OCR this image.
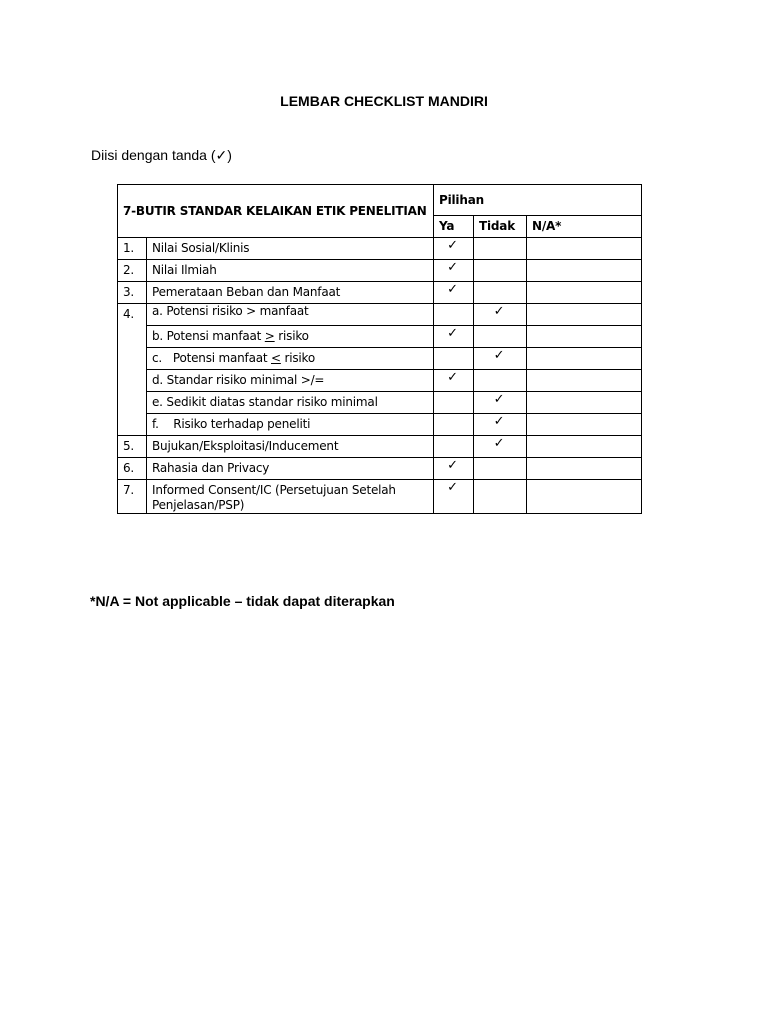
LEMBAR CHECKLIST MANDIRI
Diisi dengan tanda (✓)
7-BUTIR STANDAR KELAIKAN ETIK PENELITIAN		Pilihan		
		Ya	Tidak	N/A*
1.	Nilai Sosial/Klinis	✓		
2.	Nilai Ilmiah	✓		
3.	Pemerataan Beban dan Manfaat	✓		
4.	a. Potensi risiko > manfaat		✓	
	b. Potensi manfaat > risiko	✓		
	c.   Potensi manfaat < risiko		✓	
	d. Standar risiko minimal >/=	✓		
	e. Sedikit diatas standar risiko minimal		✓	
	f.    Risiko terhadap peneliti		✓	
5.	Bujukan/Eksploitasi/Inducement		✓	
6.	Rahasia dan Privacy	✓		
7.	Informed Consent/IC (Persetujuan Setelah Penjelasan/PSP)	✓		
*N/A = Not applicable – tidak dapat diterapkan
